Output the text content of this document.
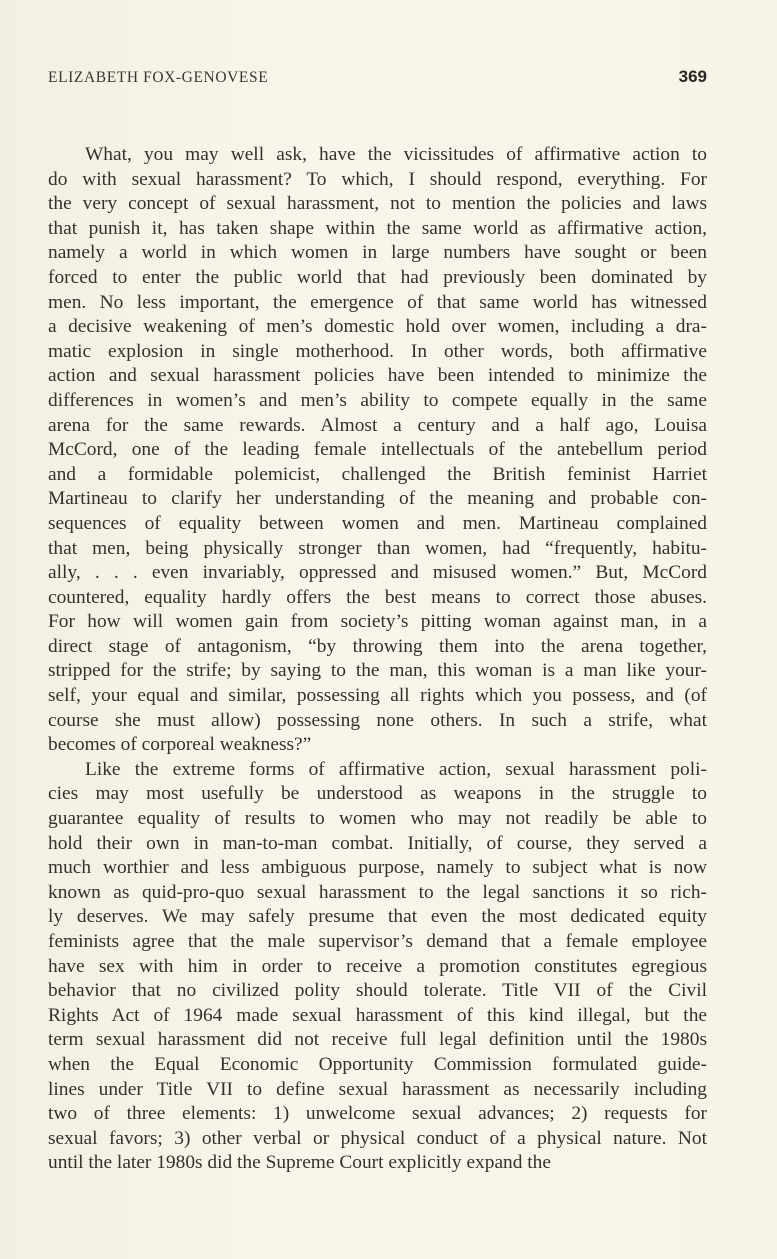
ELIZABETH FOX-GENOVESE	369
What, you may well ask, have the vicissitudes of affirmative action to
do with sexual harassment? To which, I should respond, everything. For
the very concept of sexual harassment, not to mention the policies and laws
that punish it, has taken shape within the same world as affirmative action,
namely a world in which women in large numbers have sought or been
forced to enter the public world that had previously been dominated by
men. No less important, the emergence of that same world has witnessed
a decisive weakening of men’s domestic hold over women, including a dra-
matic explosion in single motherhood. In other words, both affirmative
action and sexual harassment policies have been intended to minimize the
differences in women’s and men’s ability to compete equally in the same
arena for the same rewards. Almost a century and a half ago, Louisa
McCord, one of the leading female intellectuals of the antebellum period
and a formidable polemicist, challenged the British feminist Harriet
Martineau to clarify her understanding of the meaning and probable con-
sequences of equality between women and men. Martineau complained
that men, being physically stronger than women, had “frequently, habitu-
ally, . . . even invariably, oppressed and misused women.” But, McCord
countered, equality hardly offers the best means to correct those abuses.
For how will women gain from society’s pitting woman against man, in a
direct stage of antagonism, “by throwing them into the arena together,
stripped for the strife; by saying to the man, this woman is a man like your-
self, your equal and similar, possessing all rights which you possess, and (of
course she must allow) possessing none others. In such a strife, what
becomes of corporeal weakness?”
Like the extreme forms of affirmative action, sexual harassment poli-
cies may most usefully be understood as weapons in the struggle to
guarantee equality of results to women who may not readily be able to
hold their own in man-to-man combat. Initially, of course, they served a
much worthier and less ambiguous purpose, namely to subject what is now
known as quid-pro-quo sexual harassment to the legal sanctions it so rich-
ly deserves. We may safely presume that even the most dedicated equity
feminists agree that the male supervisor’s demand that a female employee
have sex with him in order to receive a promotion constitutes egregious
behavior that no civilized polity should tolerate. Title VII of the Civil
Rights Act of 1964 made sexual harassment of this kind illegal, but the
term sexual harassment did not receive full legal definition until the 1980s
when the Equal Economic Opportunity Commission formulated guide-
lines under Title VII to define sexual harassment as necessarily including
two of three elements: 1) unwelcome sexual advances; 2) requests for
sexual favors; 3) other verbal or physical conduct of a physical nature. Not
until the later 1980s did the Supreme Court explicitly expand the
